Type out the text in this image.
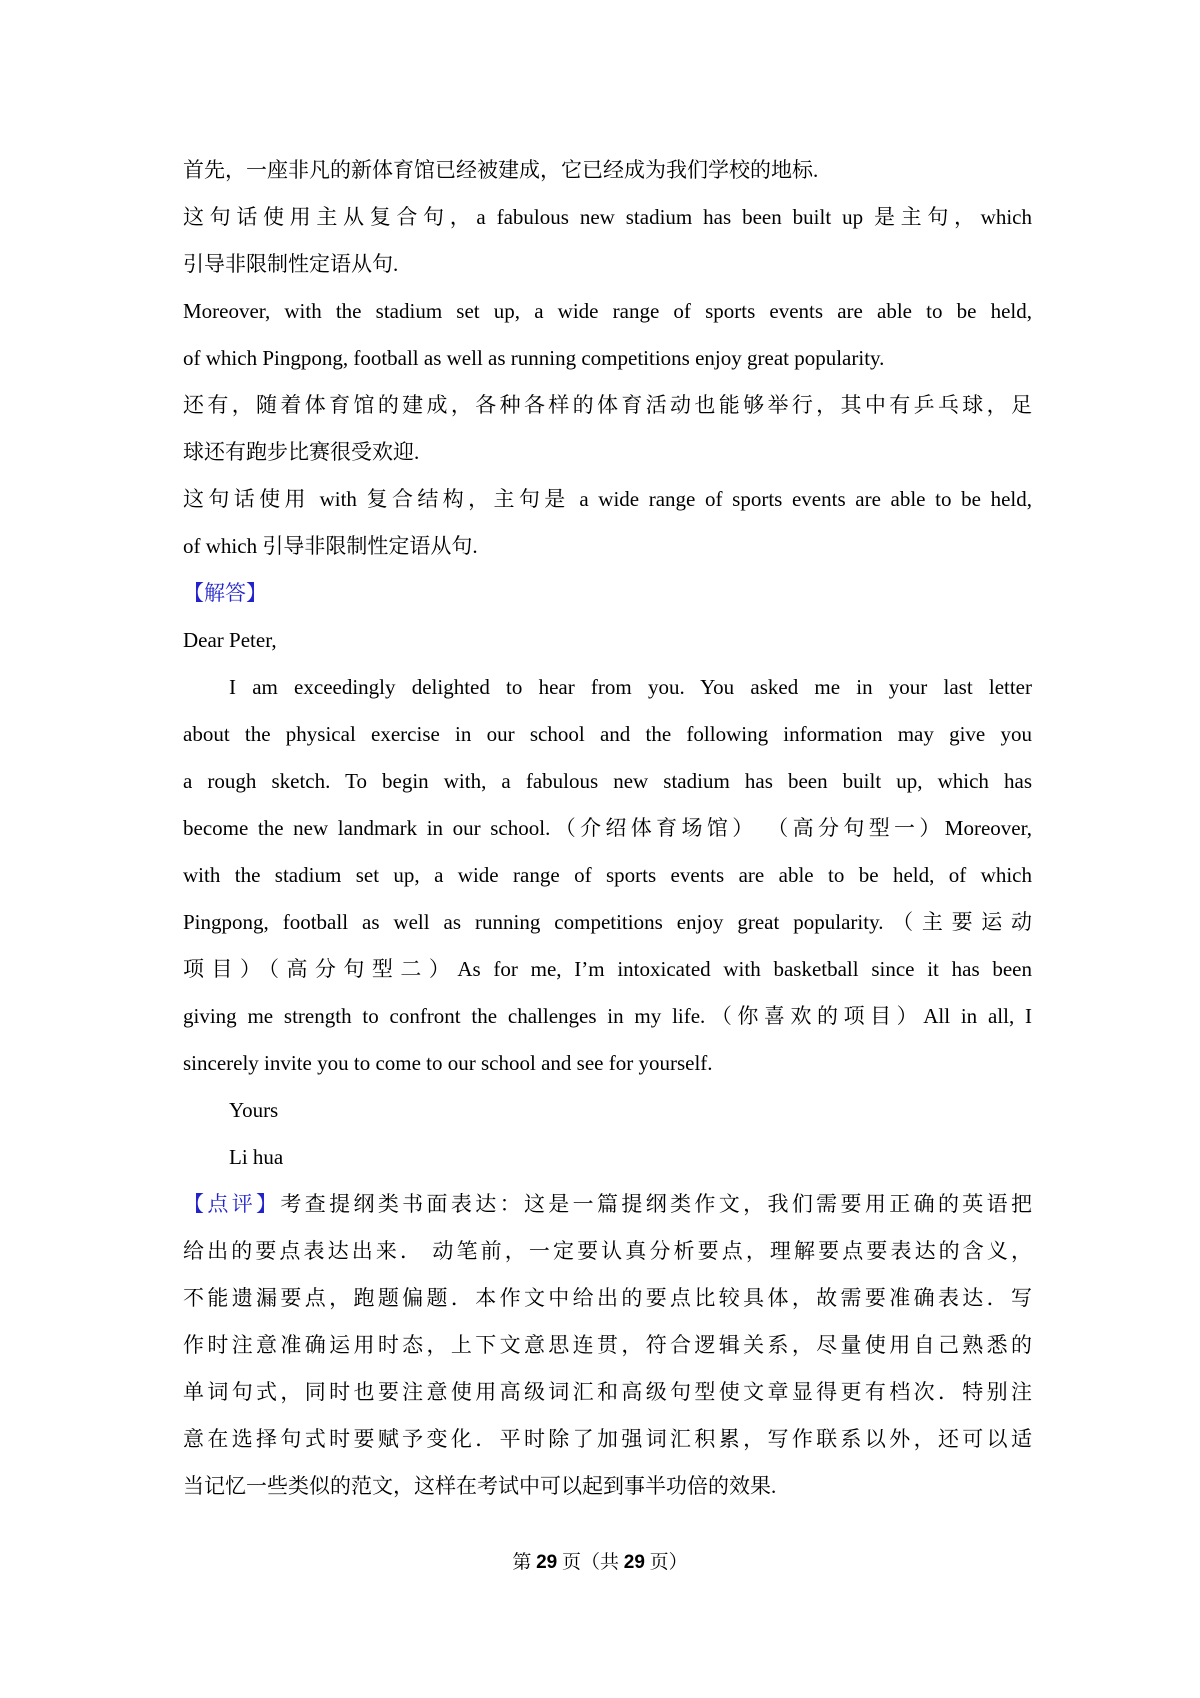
首先，一座非凡的新体育馆已经被建成，它已经成为我们学校的地标.
这句话使用主从复合句，a fabulous new stadium has been built up 是主句，which
引导非限制性定语从句.
Moreover, with the stadium set up, a wide range of sports events are able to be held,
of which Pingpong, football as well as running competitions enjoy great popularity.
还有，随着体育馆的建成，各种各样的体育活动也能够举行，其中有乒乓球，足
球还有跑步比赛很受欢迎.
这句话使用 with 复合结构，主句是 a wide range of sports events are able to be held,
of which 引导非限制性定语从句.
【解答】
Dear Peter,
I am exceedingly delighted to hear from you. You asked me in your last letter
about the physical exercise in our school and the following information may give you
a rough sketch. To begin with, a fabulous new stadium has been built up, which has
become the new landmark in our school.（介绍体育场馆） （高分句型一）Moreover,
with the stadium set up, a wide range of sports events are able to be held, of which
Pingpong, football as well as running competitions enjoy great popularity.（主要运动
项目）（高分句型二）As for me, I’m intoxicated with basketball since it has been
giving me strength to confront the challenges in my life.（你喜欢的项目）All in all, I
sincerely invite you to come to our school and see for yourself.
Yours
Li hua
【点评】考查提纲类书面表达：这是一篇提纲类作文，我们需要用正确的英语把
给出的要点表达出来． 动笔前，一定要认真分析要点，理解要点要表达的含义，
不能遗漏要点，跑题偏题．本作文中给出的要点比较具体，故需要准确表达．写
作时注意准确运用时态，上下文意思连贯，符合逻辑关系，尽量使用自己熟悉的
单词句式，同时也要注意使用高级词汇和高级句型使文章显得更有档次．特别注
意在选择句式时要赋予变化．平时除了加强词汇积累，写作联系以外，还可以适
当记忆一些类似的范文，这样在考试中可以起到事半功倍的效果.
第 29 页（共 29 页）
